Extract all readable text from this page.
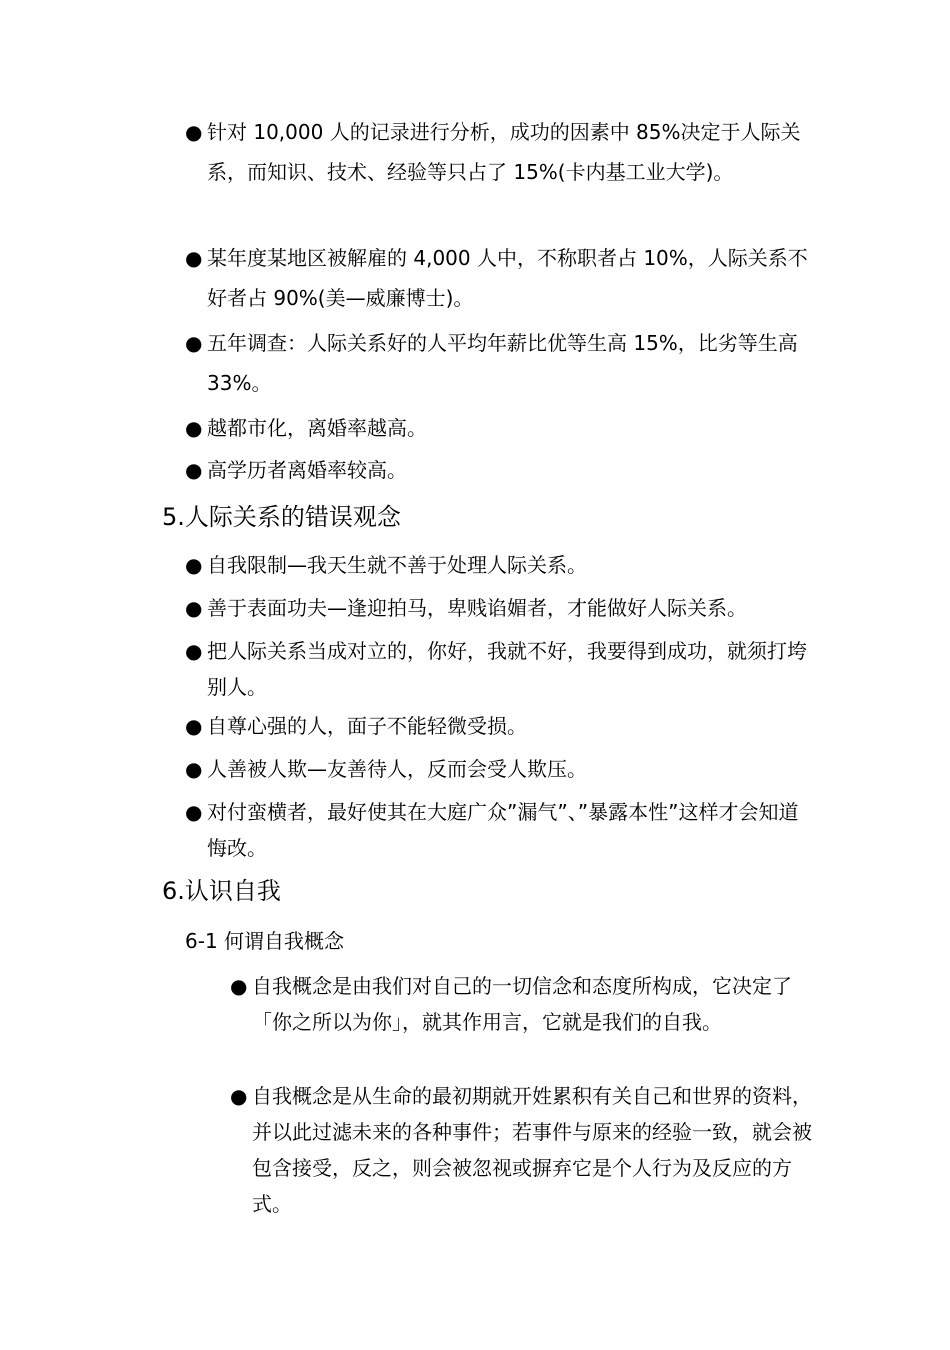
● 针对 10,000 人的记录进行分析，成功的因素中 85%决定于人际关系，而知识、技术、经验等只占了 15%(卡内基工业大学)。
● 某年度某地区被解雇的 4,000 人中，不称职者占 10%，人际关系不好者占 90%(美—威廉博士)。
● 五年调查：人际关系好的人平均年薪比优等生高 15%，比劣等生高 33%。
● 越都市化，离婚率越高。
● 高学历者离婚率较高。
5.人际关系的错误观念
● 自我限制—我天生就不善于处理人际关系。
● 善于表面功夫—逢迎拍马，卑贱谄媚者，才能做好人际关系。
● 把人际关系当成对立的，你好，我就不好，我要得到成功，就须打垮别人。
● 自尊心强的人，面子不能轻微受损。
● 人善被人欺—友善待人，反而会受人欺压。
● 对付蛮横者，最好使其在大庭广众”漏气”、”暴露本性”这样才会知道悔改。
6.认识自我
6-1 何谓自我概念
● 自我概念是由我们对自己的一切信念和态度所构成，它决定了「你之所以为你」，就其作用言，它就是我们的自我。
● 自我概念是从生命的最初期就开姓累积有关自己和世界的资料，并以此过滤未来的各种事件；若事件与原来的经验一致，就会被包含接受，反之，则会被忽视或摒弃它是个人行为及反应的方式。
